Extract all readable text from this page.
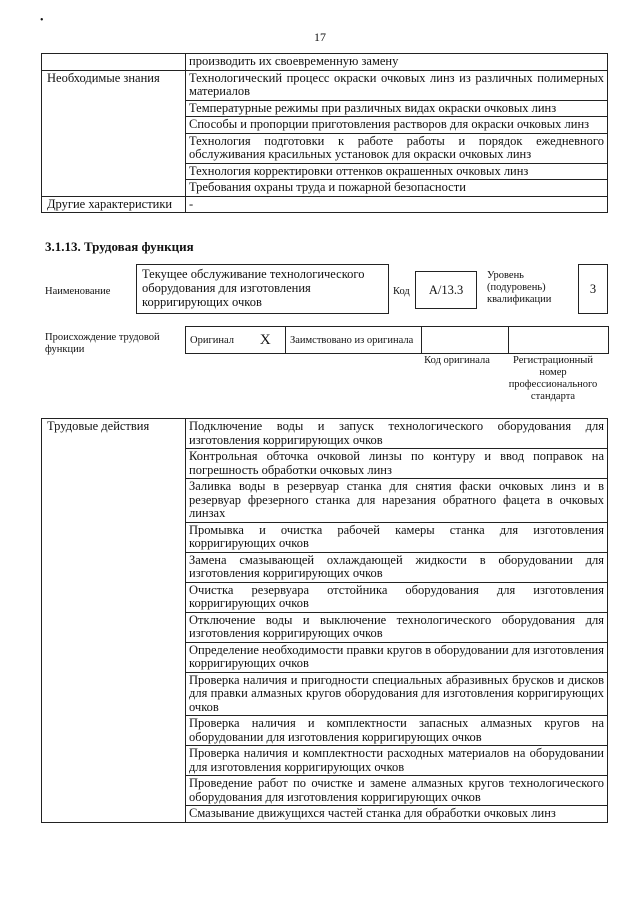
•
17
	производить их своевременную замену
Необходимые знания	Технологический процесс окраски очковых линз из различных полимерных материалов
	Температурные режимы при различных видах окраски очковых линз
	Способы и пропорции приготовления растворов для окраски очковых линз
	Технология подготовки к работе работы и порядок ежедневного обслуживания красильных установок для окраски очковых линз
	Технология корректировки оттенков окрашенных очковых линз
	Требования охраны труда и пожарной безопасности
Другие характеристики	-
3.1.13. Трудовая функция
Наименование
Текущее обслуживание технологического оборудования для изготовления корригирующих очков
Код	А/13.3
Уровень (подуровень) квалификации
3
Происхождение трудовой функции
Оригинал	X	Заимствовано из оригинала		
Код оригинала	Регистрационный номер профессионального стандарта
Трудовые действия	Подключение воды и запуск технологического оборудования для изготовления корригирующих очков
Контрольная обточка очковой линзы по контуру и ввод поправок на погрешность обработки очковых линз
Заливка воды в резервуар станка для снятия фаски очковых линз и в резервуар фрезерного станка для нарезания обратного фацета в очковых линзах
Промывка и очистка рабочей камеры станка для изготовления корригирующих очков
Замена смазывающей охлаждающей жидкости в оборудовании для изготовления корригирующих очков
Очистка резервуара отстойника оборудования для изготовления корригирующих очков
Отключение воды и выключение технологического оборудования для изготовления корригирующих очков
Определение необходимости правки кругов в оборудовании для изготовления корригирующих очков
Проверка наличия и пригодности специальных абразивных брусков и дисков для правки алмазных кругов оборудования для изготовления корригирующих очков
Проверка наличия и комплектности запасных алмазных кругов на оборудовании для изготовления корригирующих очков
Проверка наличия и комплектности расходных материалов на оборудовании для изготовления корригирующих очков
Проведение работ по очистке и замене алмазных кругов технологического оборудования для изготовления корригирующих очков
Смазывание движущихся частей станка для обработки очковых линз
